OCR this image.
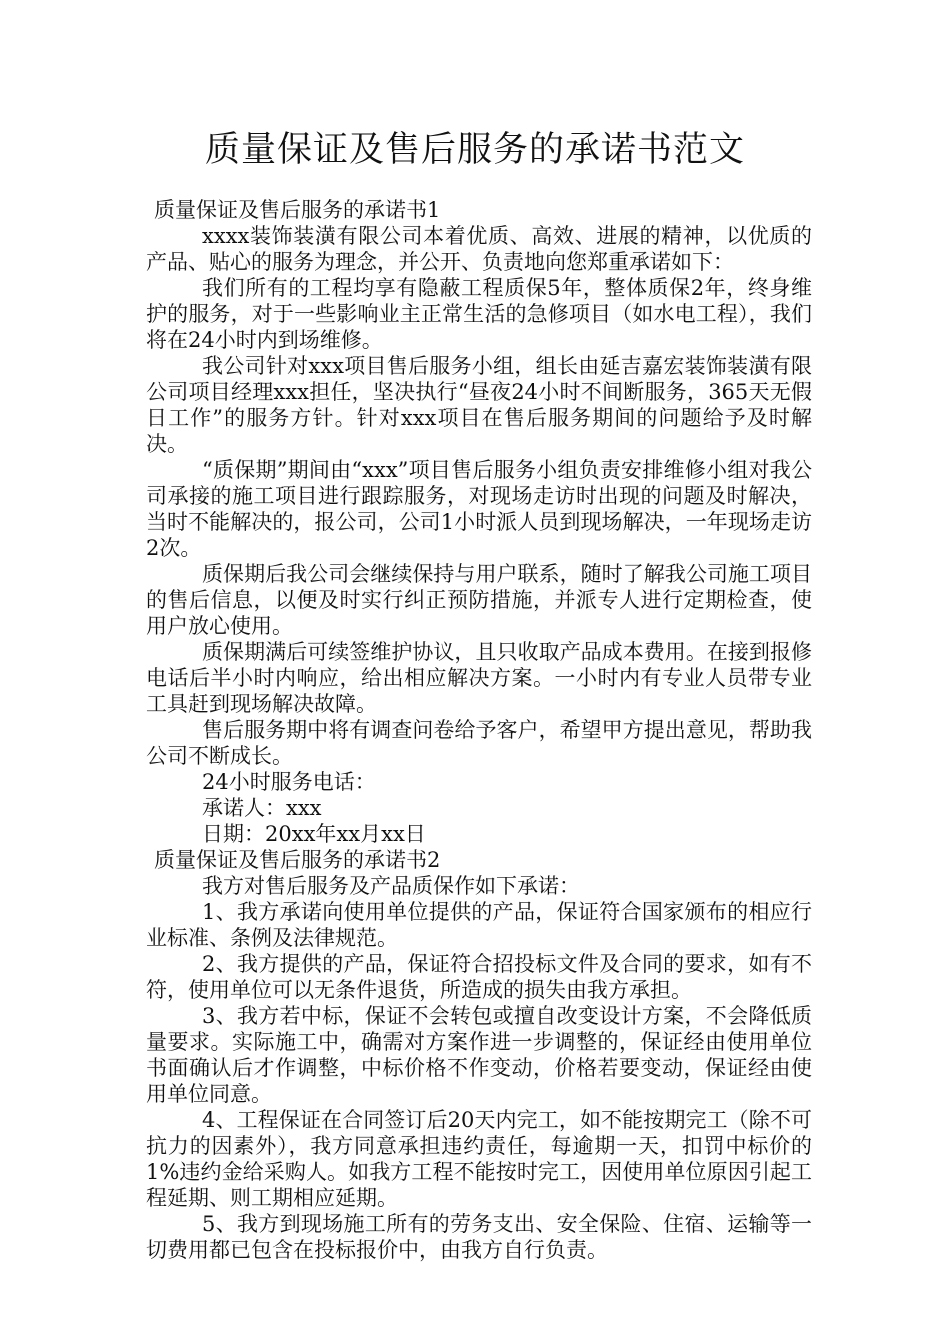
质量保证及售后服务的承诺书范文

质量保证及售后服务的承诺书1

xxxx装饰装潢有限公司本着优质、高效、进展的精神，以优质的产品、贴心的服务为理念，并公开、负责地向您郑重承诺如下：

我们所有的工程均享有隐蔽工程质保5年，整体质保2年，终身维护的服务，对于一些影响业主正常生活的急修项目（如水电工程），我们将在24小时内到场维修。

我公司针对xxx项目售后服务小组，组长由延吉嘉宏装饰装潢有限公司项目经理xxx担任，坚决执行“昼夜24小时不间断服务，365天无假日工作”的服务方针。针对xxx项目在售后服务期间的问题给予及时解决。

“质保期”期间由“xxx”项目售后服务小组负责安排维修小组对我公司承接的施工项目进行跟踪服务，对现场走访时出现的问题及时解决，当时不能解决的，报公司，公司1小时派人员到现场解决，一年现场走访2次。

质保期后我公司会继续保持与用户联系，随时了解我公司施工项目的售后信息，以便及时实行纠正预防措施，并派专人进行定期检查，使用户放心使用。

质保期满后可续签维护协议，且只收取产品成本费用。在接到报修电话后半小时内响应，给出相应解决方案。一小时内有专业人员带专业工具赶到现场解决故障。

售后服务期中将有调查问卷给予客户，希望甲方提出意见，帮助我公司不断成长。

24小时服务电话：

承诺人：xxx

日期：20xx年xx月xx日

质量保证及售后服务的承诺书2

我方对售后服务及产品质保作如下承诺：

1、我方承诺向使用单位提供的产品，保证符合国家颁布的相应行业标准、条例及法律规范。

2、我方提供的产品，保证符合招投标文件及合同的要求，如有不符，使用单位可以无条件退货，所造成的损失由我方承担。

3、我方若中标，保证不会转包或擅自改变设计方案，不会降低质量要求。实际施工中，确需对方案作进一步调整的，保证经由使用单位书面确认后才作调整，中标价格不作变动，价格若要变动，保证经由使用单位同意。

4、工程保证在合同签订后20天内完工，如不能按期完工（除不可抗力的因素外），我方同意承担违约责任，每逾期一天，扣罚中标价的1%违约金给采购人。如我方工程不能按时完工，因使用单位原因引起工程延期、则工期相应延期。

5、我方到现场施工所有的劳务支出、安全保险、住宿、运输等一切费用都已包含在投标报价中，由我方自行负责。
